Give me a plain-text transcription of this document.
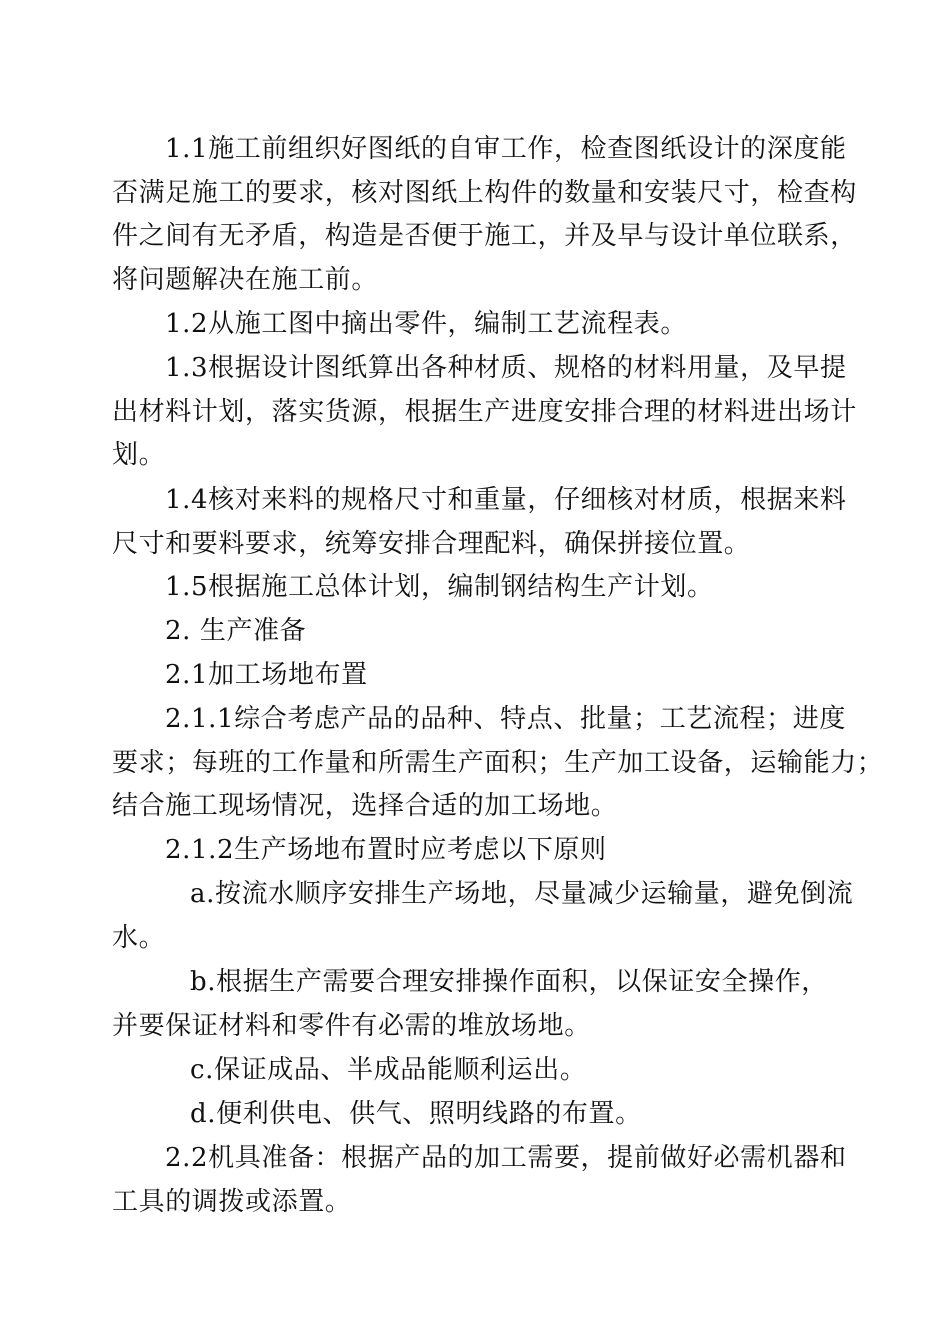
1.1施工前组织好图纸的自审工作，检查图纸设计的深度能
否满足施工的要求，核对图纸上构件的数量和安装尺寸，检查构
件之间有无矛盾，构造是否便于施工，并及早与设计单位联系，
将问题解决在施工前。
1.2从施工图中摘出零件，编制工艺流程表。
1.3根据设计图纸算出各种材质、规格的材料用量，及早提
出材料计划，落实货源，根据生产进度安排合理的材料进出场计
划。
1.4核对来料的规格尺寸和重量，仔细核对材质，根据来料
尺寸和要料要求，统筹安排合理配料，确保拼接位置。
1.5根据施工总体计划，编制钢结构生产计划。
2. 生产准备
2.1加工场地布置
2.1.1综合考虑产品的品种、特点、批量；工艺流程；进度
要求；每班的工作量和所需生产面积；生产加工设备，运输能力；
结合施工现场情况，选择合适的加工场地。
2.1.2生产场地布置时应考虑以下原则
a.按流水顺序安排生产场地，尽量减少运输量，避免倒流
水。
b.根据生产需要合理安排操作面积，以保证安全操作，
并要保证材料和零件有必需的堆放场地。
c.保证成品、半成品能顺利运出。
d.便利供电、供气、照明线路的布置。
2.2机具准备：根据产品的加工需要，提前做好必需机器和
工具的调拨或添置。
